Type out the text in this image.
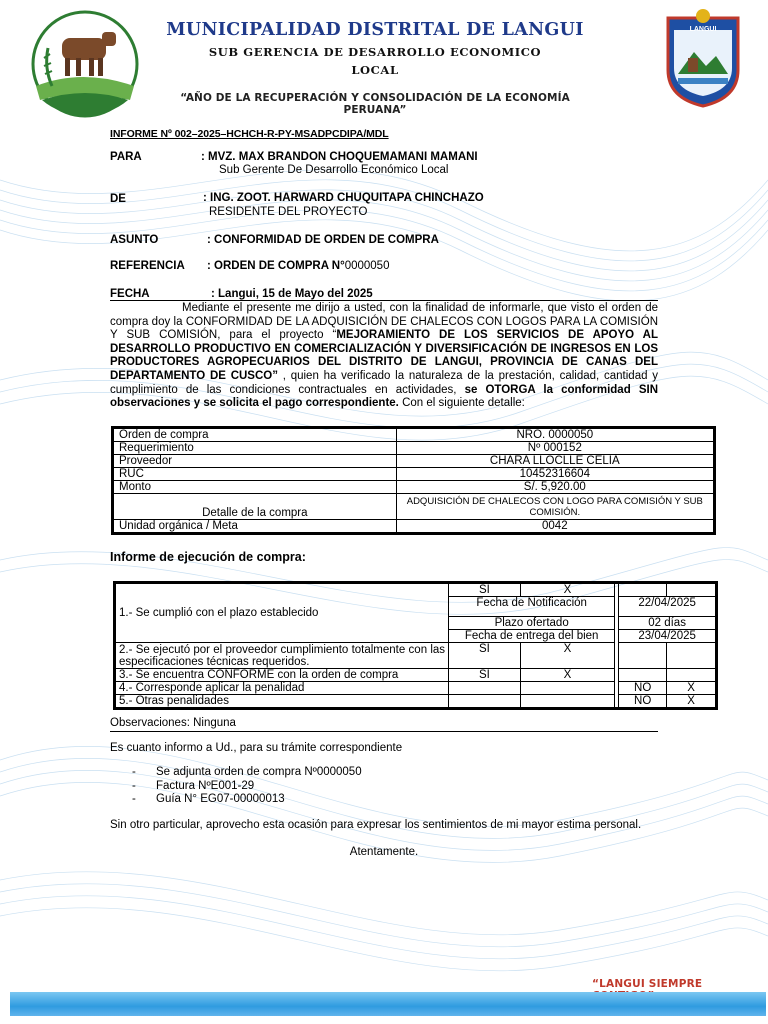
MUNICIPALIDAD DISTRITAL DE LANGUI
SUB GERENCIA DE DESARROLLO ECONOMICO
LOCAL
“AÑO DE LA RECUPERACIÓN Y CONSOLIDACIÓN DE LA ECONOMÍA PERUANA”
LANGUI
INFORME Nº 002–2025–HCHCH-R-PY-MSADPCDIPA/MDL
PARA	: MVZ. MAX BRANDON CHOQUEMAMANI MAMANI
Sub Gerente De Desarrollo Económico Local
DE	: ING. ZOOT. HARWARD CHUQUITAPA CHINCHAZO
RESIDENTE DEL PROYECTO
ASUNTO	: CONFORMIDAD DE ORDEN DE COMPRA
REFERENCIA : ORDEN DE COMPRA N°0000050
FECHA	: Langui, 15 de Mayo del 2025
Mediante el presente me dirijo a usted, con la finalidad de informarle, que visto el orden de compra doy la CONFORMIDAD DE LA ADQUISICIÓN DE CHALECOS CON LOGOS PARA LA COMISIÓN Y SUB COMISIÓN, para el proyecto “MEJORAMIENTO DE LOS SERVICIOS DE APOYO AL DESARROLLO PRODUCTIVO EN COMERCIALIZACIÓN Y DIVERSIFICACIÓN DE INGRESOS EN LOS PRODUCTORES AGROPECUARIOS DEL DISTRITO DE LANGUI, PROVINCIA DE CANAS DEL DEPARTAMENTO DE CUSCO” , quien ha verificado la naturaleza de la prestación, calidad, cantidad y cumplimiento de las condiciones contractuales en actividades, se OTORGA la conformidad SIN observaciones y se solicita el pago correspondiente. Con el siguiente detalle:
Orden de compra	NRO. 0000050
Requerimiento	Nº 000152
Proveedor	CHARA LLOCLLE CELIA
RUC	10452316604
Monto	S/. 5,920.00
Detalle de la compra	ADQUISICIÓN DE CHALECOS CON LOGO PARA COMISIÓN Y SUB COMISIÓN.
Unidad orgánica / Meta	0042
Informe de ejecución de compra:
1.- Se cumplió con el plazo establecido	SI	X			
	Fecha de Notificación			22/04/2025	
	Plazo ofertado			02 días	
	Fecha de entrega del bien			23/04/2025	
2.- Se ejecutó por el proveedor cumplimiento totalmente con las especificaciones técnicas requeridos.	SI	X			
3.- Se encuentra CONFORME con la orden de compra	SI	X			
4.- Corresponde aplicar la penalidad				NO	X
5.- Otras penalidades				NO	X
Observaciones: Ninguna
Es cuanto informo a Ud., para su trámite correspondiente
-	Se adjunta orden de compra Nº0000050
-	Factura NºE001-29
-	Guía N° EG07-00000013
Sin otro particular, aprovecho esta ocasión para expresar los sentimientos de mi mayor estima personal.
Atentamente.
“LANGUI SIEMPRE
